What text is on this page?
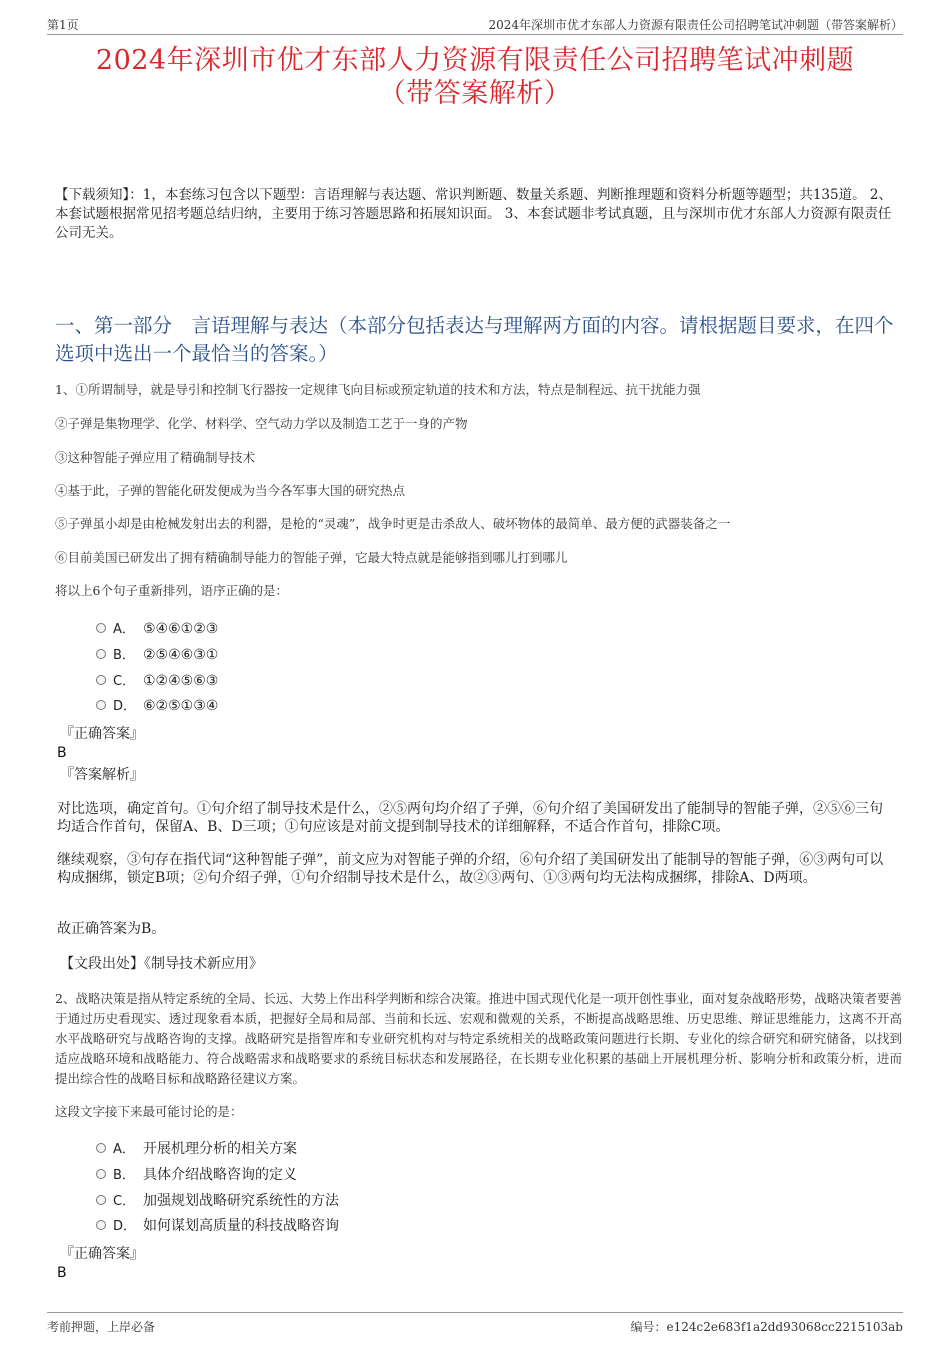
第1页	2024年深圳市优才东部人力资源有限责任公司招聘笔试冲刺题（带答案解析）
2024年深圳市优才东部人力资源有限责任公司招聘笔试冲刺题
（带答案解析）
【下载须知】：1，本套练习包含以下题型：言语理解与表达题、常识判断题、数量关系题、判断推理题和资料分析题等题型；共135道。 2、本套试题根据常见招考题总结归纳，主要用于练习答题思路和拓展知识面。 3、本套试题非考试真题，且与深圳市优才东部人力资源有限责任公司无关。
一、第一部分　言语理解与表达（本部分包括表达与理解两方面的内容。请根据题目要求，在四个选项中选出一个最恰当的答案。）
1、①所谓制导，就是导引和控制飞行器按一定规律飞向目标或预定轨道的技术和方法，特点是制程远、抗干扰能力强
②子弹是集物理学、化学、材料学、空气动力学以及制造工艺于一身的产物
③这种智能子弹应用了精确制导技术
④基于此，子弹的智能化研发便成为当今各军事大国的研究热点
⑤子弹虽小却是由枪械发射出去的利器，是枪的“灵魂”，战争时更是击杀敌人、破坏物体的最简单、最方便的武器装备之一
⑥目前美国已研发出了拥有精确制导能力的智能子弹，它最大特点就是能够指到哪儿打到哪儿
将以上6个句子重新排列，语序正确的是：
A． ⑤④⑥①②③
B． ②⑤④⑥③①
C． ①②④⑤⑥③
D． ⑥②⑤①③④
『正确答案』
B
『答案解析』
对比选项，确定首句。①句介绍了制导技术是什么，②⑤两句均介绍了子弹，⑥句介绍了美国研发出了能制导的智能子弹，②⑤⑥三句均适合作首句，保留A、B、D三项；①句应该是对前文提到制导技术的详细解释，不适合作首句，排除C项。
继续观察，③句存在指代词“这种智能子弹”，前文应为对智能子弹的介绍，⑥句介绍了美国研发出了能制导的智能子弹，⑥③两句可以构成捆绑，锁定B项；②句介绍子弹，①句介绍制导技术是什么，故②③两句、①③两句均无法构成捆绑，排除A、D两项。
故正确答案为B。
【文段出处】《制导技术新应用》
2、战略决策是指从特定系统的全局、长远、大势上作出科学判断和综合决策。推进中国式现代化是一项开创性事业，面对复杂战略形势，战略决策者要善于通过历史看现实、透过现象看本质，把握好全局和局部、当前和长远、宏观和微观的关系，不断提高战略思维、历史思维、辩证思维能力，这离不开高水平战略研究与战略咨询的支撑。战略研究是指智库和专业研究机构对与特定系统相关的战略政策问题进行长期、专业化的综合研究和研究储备，以找到适应战略环境和战略能力、符合战略需求和战略要求的系统目标状态和发展路径，在长期专业化积累的基础上开展机理分析、影响分析和政策分析，进而提出综合性的战略目标和战略路径建议方案。
这段文字接下来最可能讨论的是：
A． 开展机理分析的相关方案
B． 具体介绍战略咨询的定义
C． 加强规划战略研究系统性的方法
D． 如何谋划高质量的科技战略咨询
『正确答案』
B
考前押题，上岸必备	编号：e124c2e683f1a2dd93068cc2215103ab
